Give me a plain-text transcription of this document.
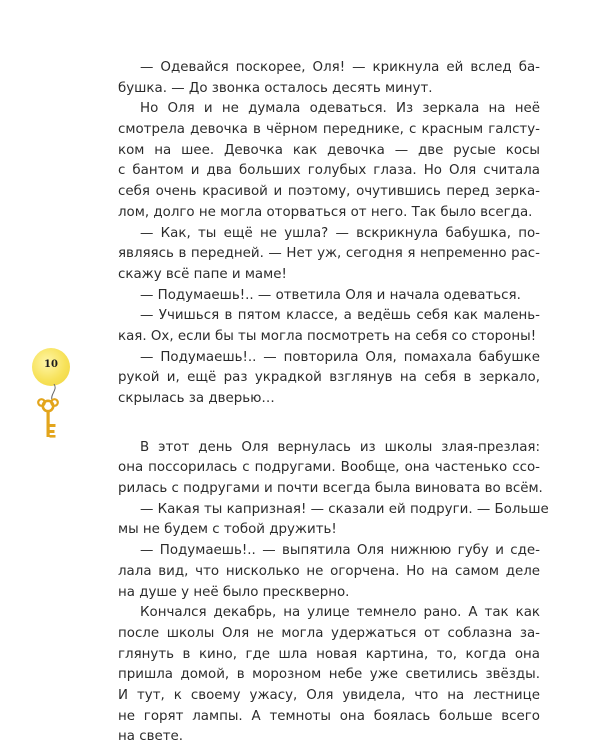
10
— Одевайся поскорее, Оля! — крикнула ей вслед ба-
бушка. — До звонка осталось десять минут.
Но Оля и не думала одеваться. Из зеркала на неё
смотрела девочка в чёрном переднике, с красным галсту-
ком на шее. Девочка как девочка — две русые косы
с бантом и два больших голубых глаза. Но Оля считала
себя очень красивой и поэтому, очутившись перед зерка-
лом, долго не могла оторваться от него. Так было всегда.
— Как, ты ещё не ушла? — вскрикнула бабушка, по-
являясь в передней. — Нет уж, сегодня я непременно рас-
скажу всё папе и маме!
— Подумаешь!.. — ответила Оля и начала одеваться.
— Учишься в пятом классе, а ведёшь себя как малень-
кая. Ох, если бы ты могла посмотреть на себя со стороны!
— Подумаешь!.. — повторила Оля, помахала бабушке
рукой и, ещё раз украдкой взглянув на себя в зеркало,
скрылась за дверью…
В этот день Оля вернулась из школы злая-презлая:
она поссорилась с подругами. Вообще, она частенько ссо-
рилась с подругами и почти всегда была виновата во всём.
— Какая ты капризная! — сказали ей подруги. — Больше
мы не будем с тобой дружить!
— Подумаешь!.. — выпятила Оля нижнюю губу и сде-
лала вид, что нисколько не огорчена. Но на самом деле
на душе у неё было прескверно.
Кончался декабрь, на улице темнело рано. А так как
после школы Оля не могла удержаться от соблазна за-
глянуть в кино, где шла новая картина, то, когда она
пришла домой, в морозном небе уже светились звёзды.
И тут, к своему ужасу, Оля увидела, что на лестнице
не горят лампы. А темноты она боялась больше всего
на свете.
